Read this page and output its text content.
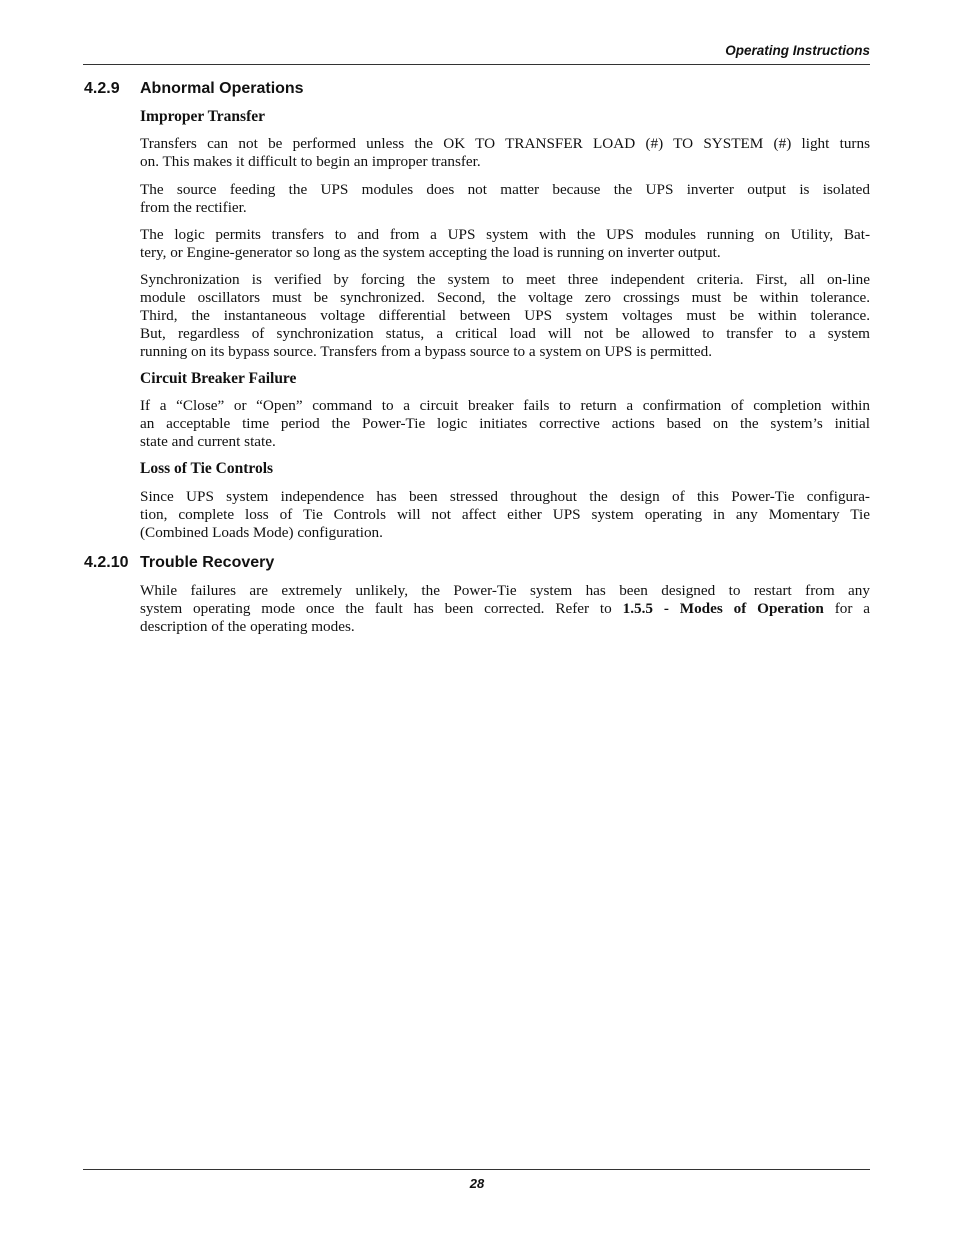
Operating Instructions
4.2.9 Abnormal Operations
Improper Transfer

Transfers can not be performed unless the OK TO TRANSFER LOAD (#) TO SYSTEM (#) light turns
on. This makes it difficult to begin an improper transfer.

The source feeding the UPS modules does not matter because the UPS inverter output is isolated
from the rectifier.

The logic permits transfers to and from a UPS system with the UPS modules running on Utility, Bat-
tery, or Engine-generator so long as the system accepting the load is running on inverter output.

Synchronization is verified by forcing the system to meet three independent criteria. First, all on-line
module oscillators must be synchronized. Second, the voltage zero crossings must be within tolerance.
Third, the instantaneous voltage differential between UPS system voltages must be within tolerance.
But, regardless of synchronization status, a critical load will not be allowed to transfer to a system
running on its bypass source. Transfers from a bypass source to a system on UPS is permitted.

Circuit Breaker Failure

If a “Close” or “Open” command to a circuit breaker fails to return a confirmation of completion within
an acceptable time period the Power-Tie logic initiates corrective actions based on the system’s initial
state and current state.

Loss of Tie Controls

Since UPS system independence has been stressed throughout the design of this Power-Tie configura-
tion, complete loss of Tie Controls will not affect either UPS system operating in any Momentary Tie
(Combined Loads Mode) configuration.

4.2.10 Trouble Recovery

While failures are extremely unlikely, the Power-Tie system has been designed to restart from any
system operating mode once the fault has been corrected. Refer to 1.5.5 - Modes of Operation for a
description of the operating modes.

28
